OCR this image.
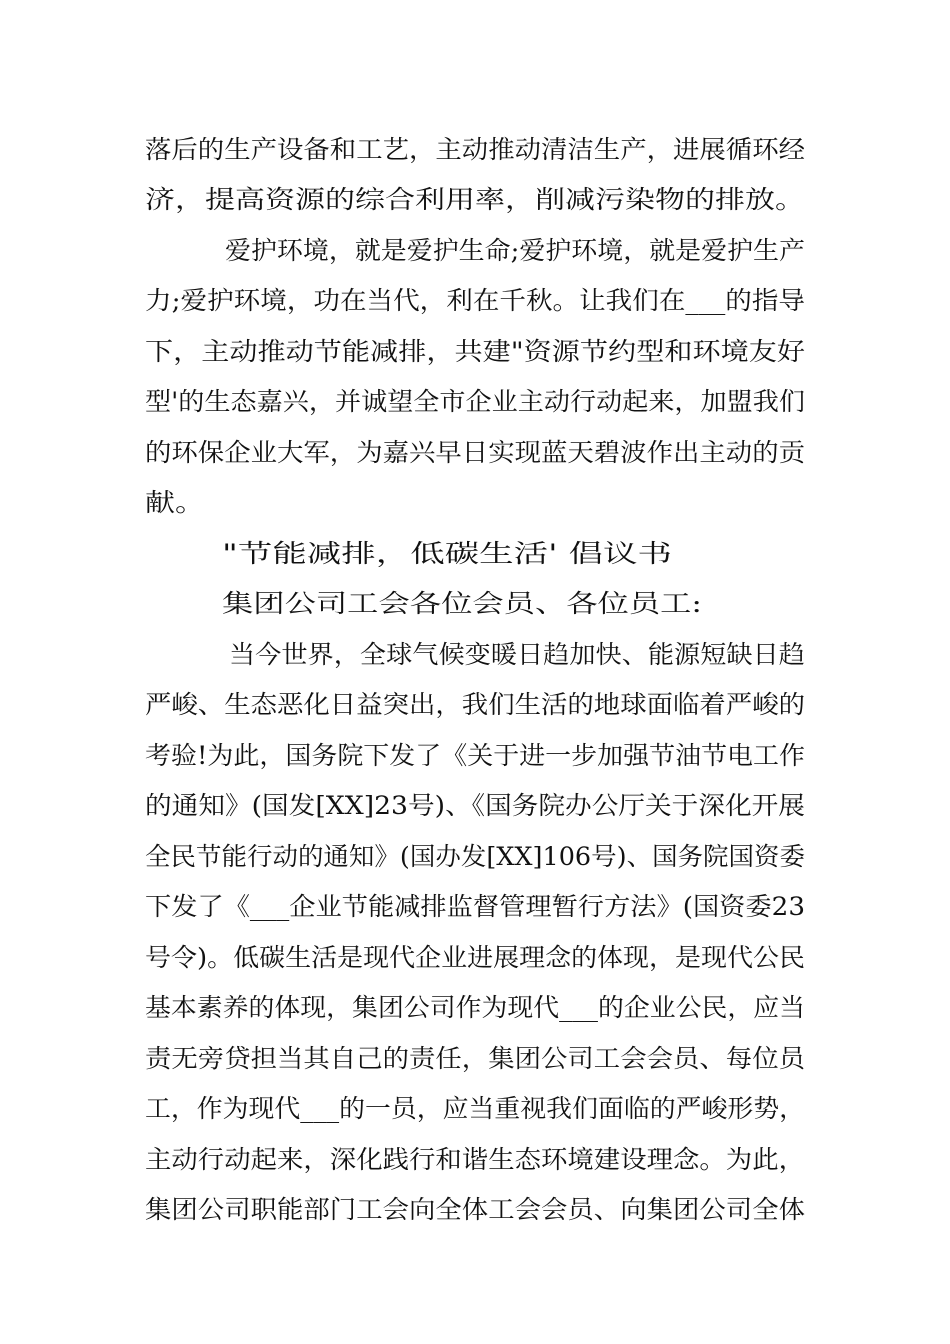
落后的生产设备和工艺，主动推动清洁生产，进展循环经
济，提高资源的综合利用率，削减污染物的排放。
爱护环境，就是爱护生命;爱护环境，就是爱护生产
力;爱护环境，功在当代，利在千秋。让我们在___的指导
下，主动推动节能减排，共建"资源节约型和环境友好
型'的生态嘉兴，并诚望全市企业主动行动起来，加盟我们
的环保企业大军，为嘉兴早日实现蓝天碧波作出主动的贡
献。
"节能减排，低碳生活' 倡议书
集团公司工会各位会员、各位员工:
当今世界，全球气候变暖日趋加快、能源短缺日趋
严峻、生态恶化日益突出，我们生活的地球面临着严峻的
考验!为此，国务院下发了《关于进一步加强节油节电工作
的通知》(国发[XX]23号)、《国务院办公厅关于深化开展
全民节能行动的通知》(国办发[XX]106号)、国务院国资委
下发了《___企业节能减排监督管理暂行方法》(国资委23
号令)。低碳生活是现代企业进展理念的体现，是现代公民
基本素养的体现，集团公司作为现代___的企业公民，应当
责无旁贷担当其自己的责任，集团公司工会会员、每位员
工，作为现代___的一员，应当重视我们面临的严峻形势，
主动行动起来，深化践行和谐生态环境建设理念。为此，
集团公司职能部门工会向全体工会会员、向集团公司全体
